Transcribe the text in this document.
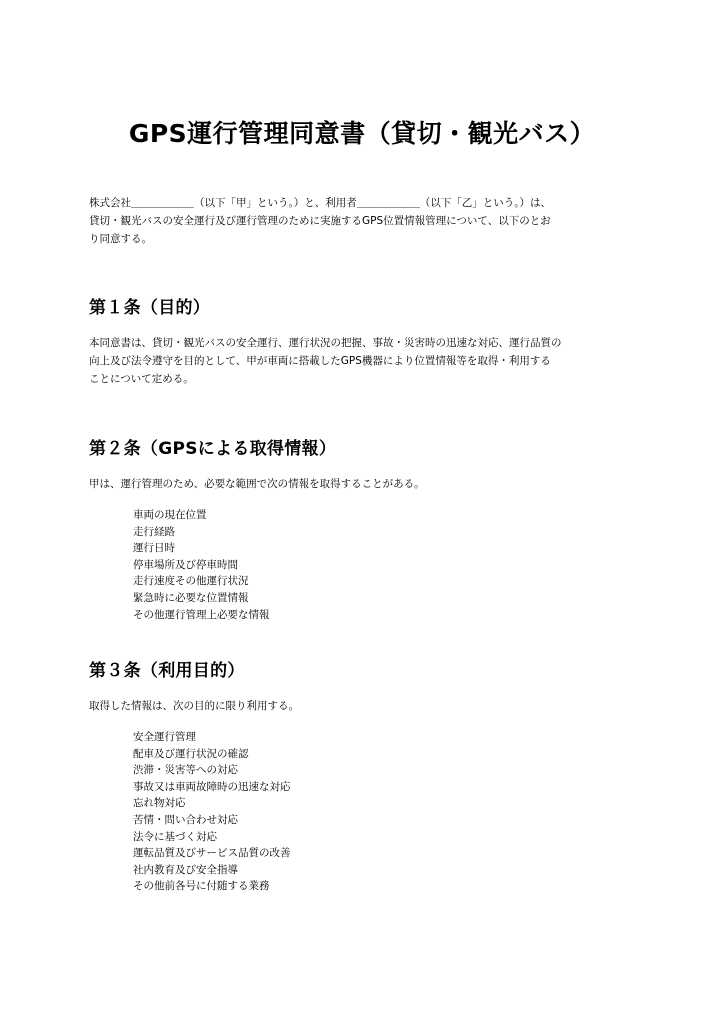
GPS運行管理同意書（貸切・観光バス）

株式会社＿＿＿＿＿＿（以下「甲」という。）と、利用者＿＿＿＿＿＿（以下「乙」という。）は、
貸切・観光バスの安全運行及び運行管理のために実施するGPS位置情報管理について、以下のとお
り同意する。

第１条（目的）

本同意書は、貸切・観光バスの安全運行、運行状況の把握、事故・災害時の迅速な対応、運行品質の
向上及び法令遵守を目的として、甲が車両に搭載したGPS機器により位置情報等を取得・利用する
ことについて定める。

第２条（GPSによる取得情報）

甲は、運行管理のため、必要な範囲で次の情報を取得することがある。

車両の現在位置
走行経路
運行日時
停車場所及び停車時間
走行速度その他運行状況
緊急時に必要な位置情報
その他運行管理上必要な情報
第３条（利用目的）

取得した情報は、次の目的に限り利用する。

安全運行管理
配車及び運行状況の確認
渋滞・災害等への対応
事故又は車両故障時の迅速な対応
忘れ物対応
苦情・問い合わせ対応
法令に基づく対応
運転品質及びサービス品質の改善
社内教育及び安全指導
その他前各号に付随する業務
